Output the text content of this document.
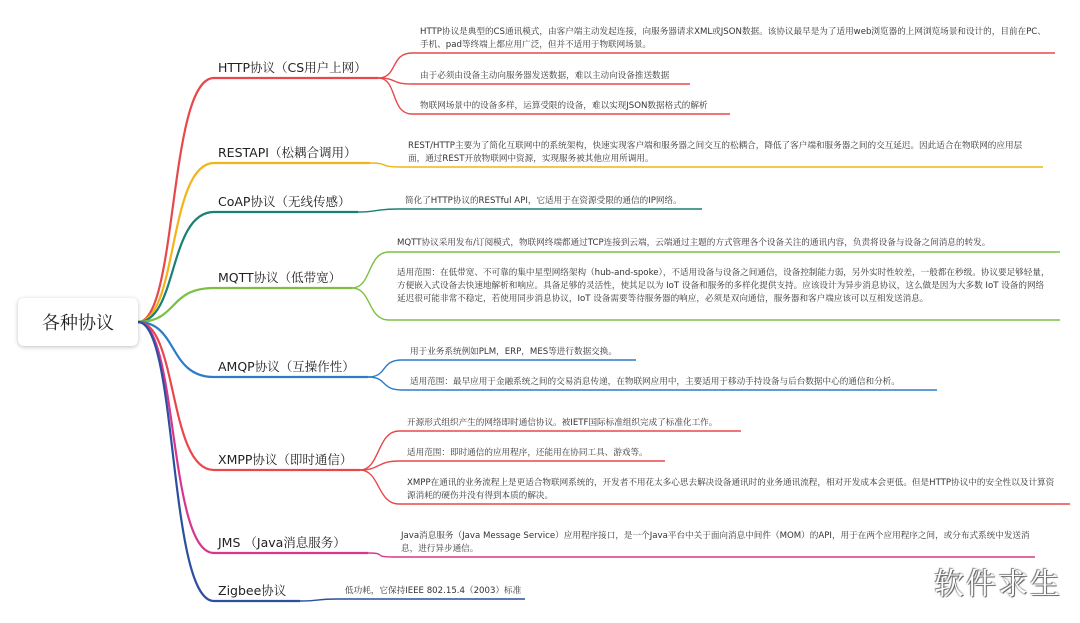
各种协议
HTTP协议（CS用户上网）
HTTP协议是典型的CS通讯模式，由客户端主动发起连接，向服务器请求XML或JSON数据。该协议最早是为了适用web浏览器的上网浏览场景和设计的，目前在PC、手机、pad等终端上都应用广泛，但并不适用于物联网场景。
由于必须由设备主动向服务器发送数据，难以主动向设备推送数据
物联网场景中的设备多样，运算受限的设备，难以实现JSON数据格式的解析
RESTAPI（松耦合调用）	REST/HTTP主要为了简化互联网中的系统架构，快速实现客户端和服务器之间交互的松耦合，降低了客户端和服务器之间的交互延迟。因此适合在物联网的应用层面，通过REST开放物联网中资源，实现服务被其他应用所调用。
CoAP协议（无线传感）	简化了HTTP协议的RESTful API，它适用于在资源受限的通信的IP网络。
MQTT协议（低带宽）
MQTT协议采用发布/订阅模式，物联网终端都通过TCP连接到云端，云端通过主题的方式管理各个设备关注的通讯内容，负责将设备与设备之间消息的转发。
适用范围：在低带宽、不可靠的集中星型网络架构（hub-and-spoke），不适用设备与设备之间通信，设备控制能力弱，另外实时性较差，一般都在秒级。协议要足够轻量，方便嵌入式设备去快速地解析和响应。具备足够的灵活性，使其足以为 IoT 设备和服务的多样化提供支持。应该设计为异步消息协议，这么做是因为大多数 IoT 设备的网络延迟很可能非常不稳定，若使用同步消息协议，IoT 设备需要等待服务器的响应，必须是双向通信，服务器和客户端应该可以互相发送消息。
AMQP协议（互操作性）
用于业务系统例如PLM，ERP，MES等进行数据交换。
适用范围：最早应用于金融系统之间的交易消息传递，在物联网应用中，主要适用于移动手持设备与后台数据中心的通信和分析。
XMPP协议（即时通信）
开源形式组织产生的网络即时通信协议。被IETF国际标准组织完成了标准化工作。
适用范围：即时通信的应用程序，还能用在协同工具、游戏等。
XMPP在通讯的业务流程上是更适合物联网系统的，开发者不用花太多心思去解决设备通讯时的业务通讯流程，相对开发成本会更低。但是HTTP协议中的安全性以及计算资源消耗的硬伤并没有得到本质的解决。
JMS （Java消息服务）	Java消息服务（Java Message Service）应用程序接口，是一个Java平台中关于面向消息中间件（MOM）的API，用于在两个应用程序之间，或分布式系统中发送消息，进行异步通信。
Zigbee协议	低功耗，它保持IEEE 802.15.4（2003）标准	软件求生
